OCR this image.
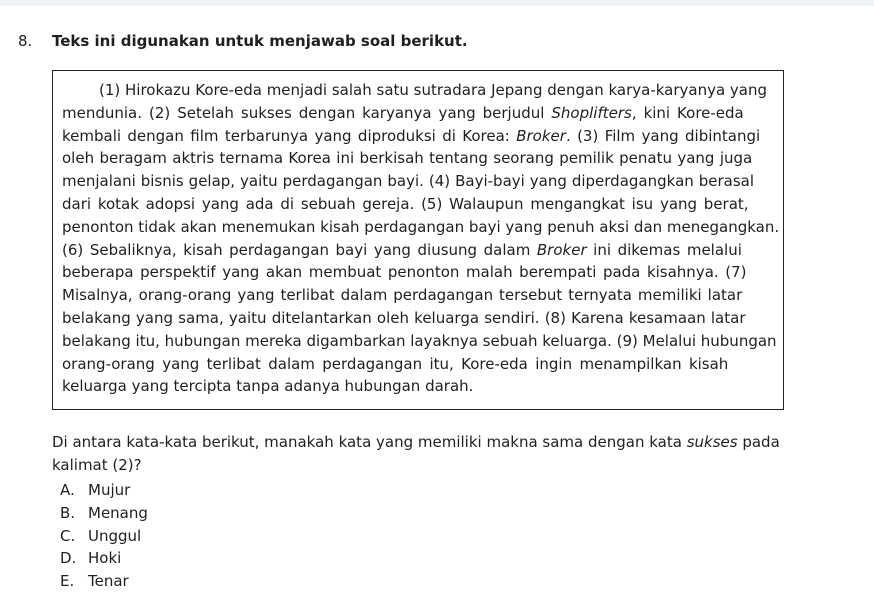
8. Teks ini digunakan untuk menjawab soal berikut.
(1) Hirokazu Kore-eda menjadi salah satu sutradara Jepang dengan karya-karyanya yang
mendunia. (2) Setelah sukses dengan karyanya yang berjudul Shoplifters, kini Kore-eda
kembali dengan film terbarunya yang diproduksi di Korea: Broker. (3) Film yang dibintangi
oleh beragam aktris ternama Korea ini berkisah tentang seorang pemilik penatu yang juga
menjalani bisnis gelap, yaitu perdagangan bayi. (4) Bayi-bayi yang diperdagangkan berasal
dari kotak adopsi yang ada di sebuah gereja. (5) Walaupun mengangkat isu yang berat,
penonton tidak akan menemukan kisah perdagangan bayi yang penuh aksi dan menegangkan.
(6) Sebaliknya, kisah perdagangan bayi yang diusung dalam Broker ini dikemas melalui
beberapa perspektif yang akan membuat penonton malah berempati pada kisahnya. (7)
Misalnya, orang-orang yang terlibat dalam perdagangan tersebut ternyata memiliki latar
belakang yang sama, yaitu ditelantarkan oleh keluarga sendiri. (8) Karena kesamaan latar
belakang itu, hubungan mereka digambarkan layaknya sebuah keluarga. (9) Melalui hubungan
orang-orang yang terlibat dalam perdagangan itu, Kore-eda ingin menampilkan kisah
keluarga yang tercipta tanpa adanya hubungan darah.
Di antara kata-kata berikut, manakah kata yang memiliki makna sama dengan kata sukses pada
kalimat (2)?
A. Mujur
B. Menang
C. Unggul
D. Hoki
E. Tenar
